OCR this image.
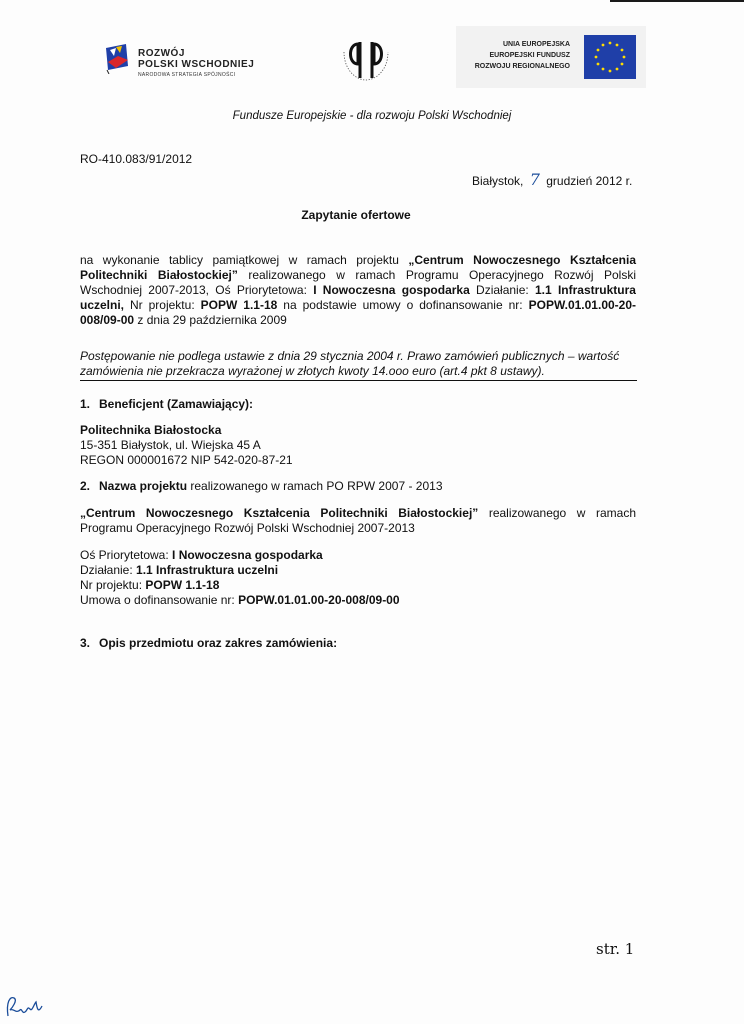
ROZWÓJ
POLSKI WSCHODNIEJ
NARODOWA STRATEGIA SPÓJNOŚCI
UNIA EUROPEJSKA
EUROPEJSKI FUNDUSZ
ROZWOJU REGIONALNEGO
Fundusze Europejskie - dla rozwoju Polski Wschodniej
RO-410.083/91/2012
Białystok, 7 grudzień 2012 r.
Zapytanie ofertowe
na wykonanie tablicy pamiątkowej w ramach projektu „Centrum Nowoczesnego Kształcenia Politechniki Białostockiej” realizowanego w ramach Programu Operacyjnego Rozwój Polski Wschodniej 2007-2013, Oś Priorytetowa: I Nowoczesna gospodarka Działanie: 1.1 Infrastruktura uczelni, Nr projektu: POPW 1.1-18 na podstawie umowy o dofinansowanie nr: POPW.01.01.00-20-008/09-00 z dnia 29 października 2009
Postępowanie nie podlega ustawie z dnia 29 stycznia 2004 r. Prawo zamówień publicznych – wartość zamówienia nie przekracza wyrażonej w złotych kwoty 14.ooo euro (art.4 pkt 8 ustawy).
1. Beneficjent (Zamawiający):
Politechnika Białostocka
15-351 Białystok, ul. Wiejska 45 A
REGON 000001672 NIP 542-020-87-21
2. Nazwa projektu realizowanego w ramach PO RPW 2007 - 2013
„Centrum Nowoczesnego Kształcenia Politechniki Białostockiej” realizowanego w ramach Programu Operacyjnego Rozwój Polski Wschodniej 2007-2013
Oś Priorytetowa: I Nowoczesna gospodarka
Działanie: 1.1 Infrastruktura uczelni
Nr projektu: POPW 1.1-18
Umowa o dofinansowanie nr: POPW.01.01.00-20-008/09-00
3. Opis przedmiotu oraz zakres zamówienia:
str. 1
